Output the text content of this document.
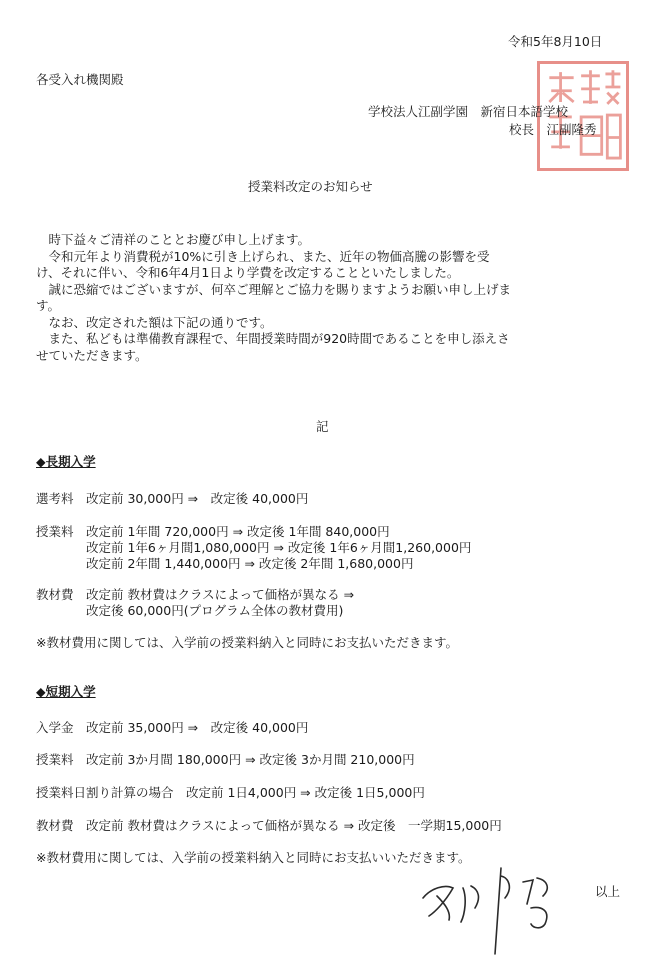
令和5年8月10日
各受入れ機関殿
学校法人江副学園　新宿日本語学校
校長　江副隆秀
授業料改定のお知らせ
　時下益々ご清祥のこととお慶び申し上げます。
　令和元年より消費税が10%に引き上げられ、また、近年の物価高騰の影響を受
け、それに伴い、令和6年4月1日より学費を改定することといたしました。
　誠に恐縮ではございますが、何卒ご理解とご協力を賜りますようお願い申し上げま
す。
　なお、改定された額は下記の通りです。
　また、私どもは準備教育課程で、年間授業時間が920時間であることを申し添えさ
せていただきます。
記
◆長期入学
選考料　改定前 30,000円 ⇒　改定後 40,000円
授業料　改定前 1年間 720,000円 ⇒ 改定後 1年間 840,000円
　　　　改定前 1年6ヶ月間1,080,000円 ⇒ 改定後 1年6ヶ月間1,260,000円
　　　　改定前 2年間 1,440,000円 ⇒ 改定後 2年間 1,680,000円
教材費　改定前 教材費はクラスによって価格が異なる ⇒
　　　　改定後 60,000円(プログラム全体の教材費用)
※教材費用に関しては、入学前の授業料納入と同時にお支払いただきます。
◆短期入学
入学金　改定前 35,000円 ⇒　改定後 40,000円
授業料　改定前 3か月間 180,000円 ⇒ 改定後 3か月間 210,000円
授業料日割り計算の場合　改定前 1日4,000円 ⇒ 改定後 1日5,000円
教材費　改定前 教材費はクラスによって価格が異なる ⇒ 改定後　一学期15,000円
※教材費用に関しては、入学前の授業料納入と同時にお支払いいただきます。
以上
